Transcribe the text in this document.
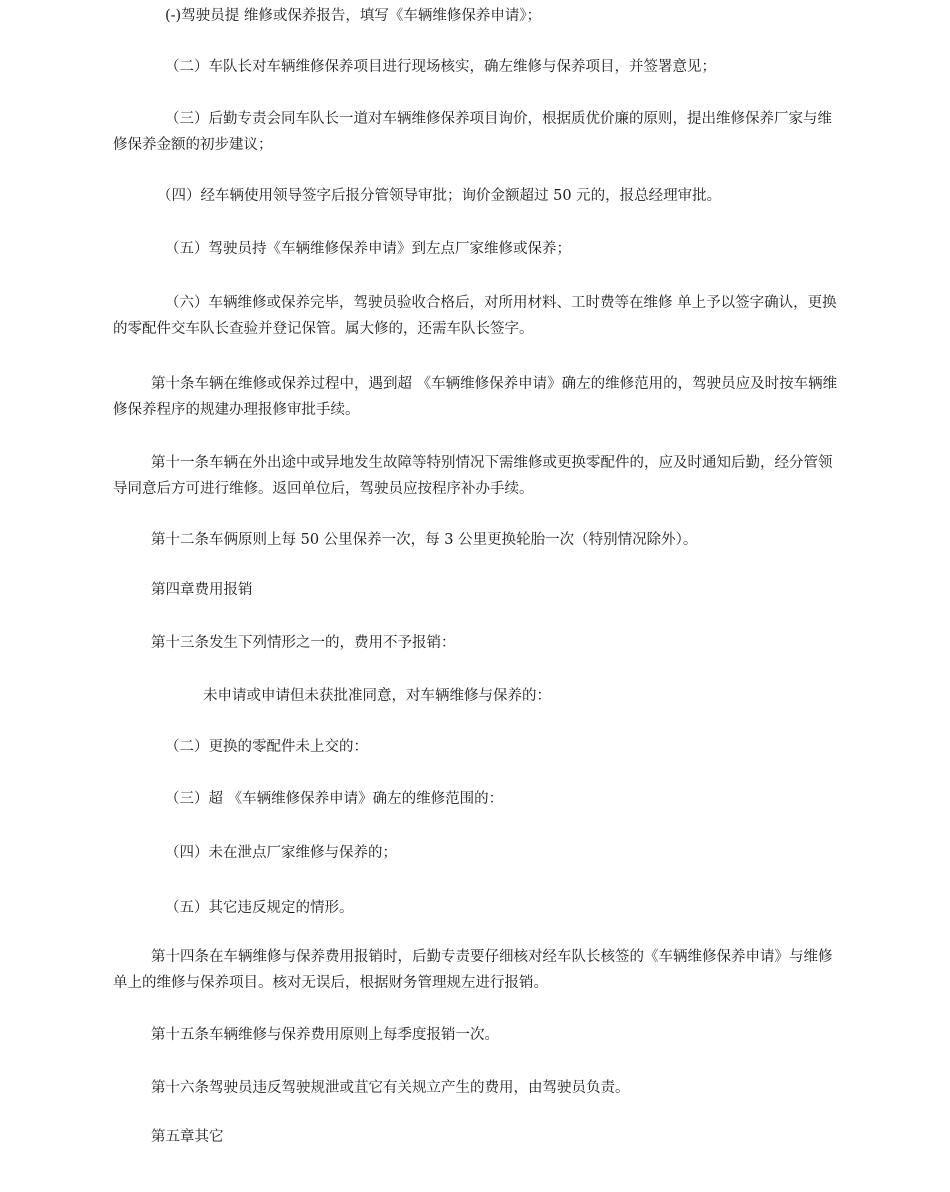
(-)驾驶员提 维修或保养报告，填写《车辆维修保养申请》；
（二）车队长对车辆维修保养项目进行现场核实，确左维修与保养项目，并签署意见；
（三）后勤专责会同车队长一道对车辆维修保养项目询价，根据质优价廉的原则，提出维修保养厂家与维修保养金额的初步建议；
（四）经车辆使用领导签字后报分管领导审批；询价金额超过 50 元的，报总经理审批。
（五）驾驶员持《车辆维修保养申请》到左点厂家维修或保养；
（六）车辆维修或保养完毕，驾驶员验收合格后，对所用材料、工时费等在维修 单上予以签字确认，更换的零配件交车队长查验并登记保管。属大修的，还需车队长签字。
第十条车辆在维修或保养过程中，遇到超 《车辆维修保养申请》确左的维修范用的，驾驶员应及时按车辆维修保养程序的规建办理报修审批手续。
第十一条车辆在外出途中或异地发生故障等特别情况下需维修或更换零配件的，应及时通知后勤，经分管领导同意后方可进行维修。返回单位后，驾驶员应按程序补办手续。
第十二条车俩原则上每 50 公里保养一次，每 3 公里更换轮胎一次（特别情况除外）。
第四章费用报销
第十三条发生下列情形之一的，费用不予报销：
未申请或申请但未获批准同意，对车辆维修与保养的：
（二）更换的零配件未上交的：
（三）超 《车辆维修保养申请》确左的维修范围的：
（四）未在泄点厂家维修与保养的；
（五）其它违反规定的情形。
第十四条在车辆维修与保养费用报销时，后勤专责要仔细核对经车队长核签的《车辆维修保养申请》与维修 单上的维修与保养项目。核对无误后，根据财务管理规左进行报销。
第十五条车辆维修与保养费用原则上每季度报销一次。
第十六条驾驶员违反驾驶规泄或苴它有关规立产生的费用，由驾驶员负责。
第五章其它
